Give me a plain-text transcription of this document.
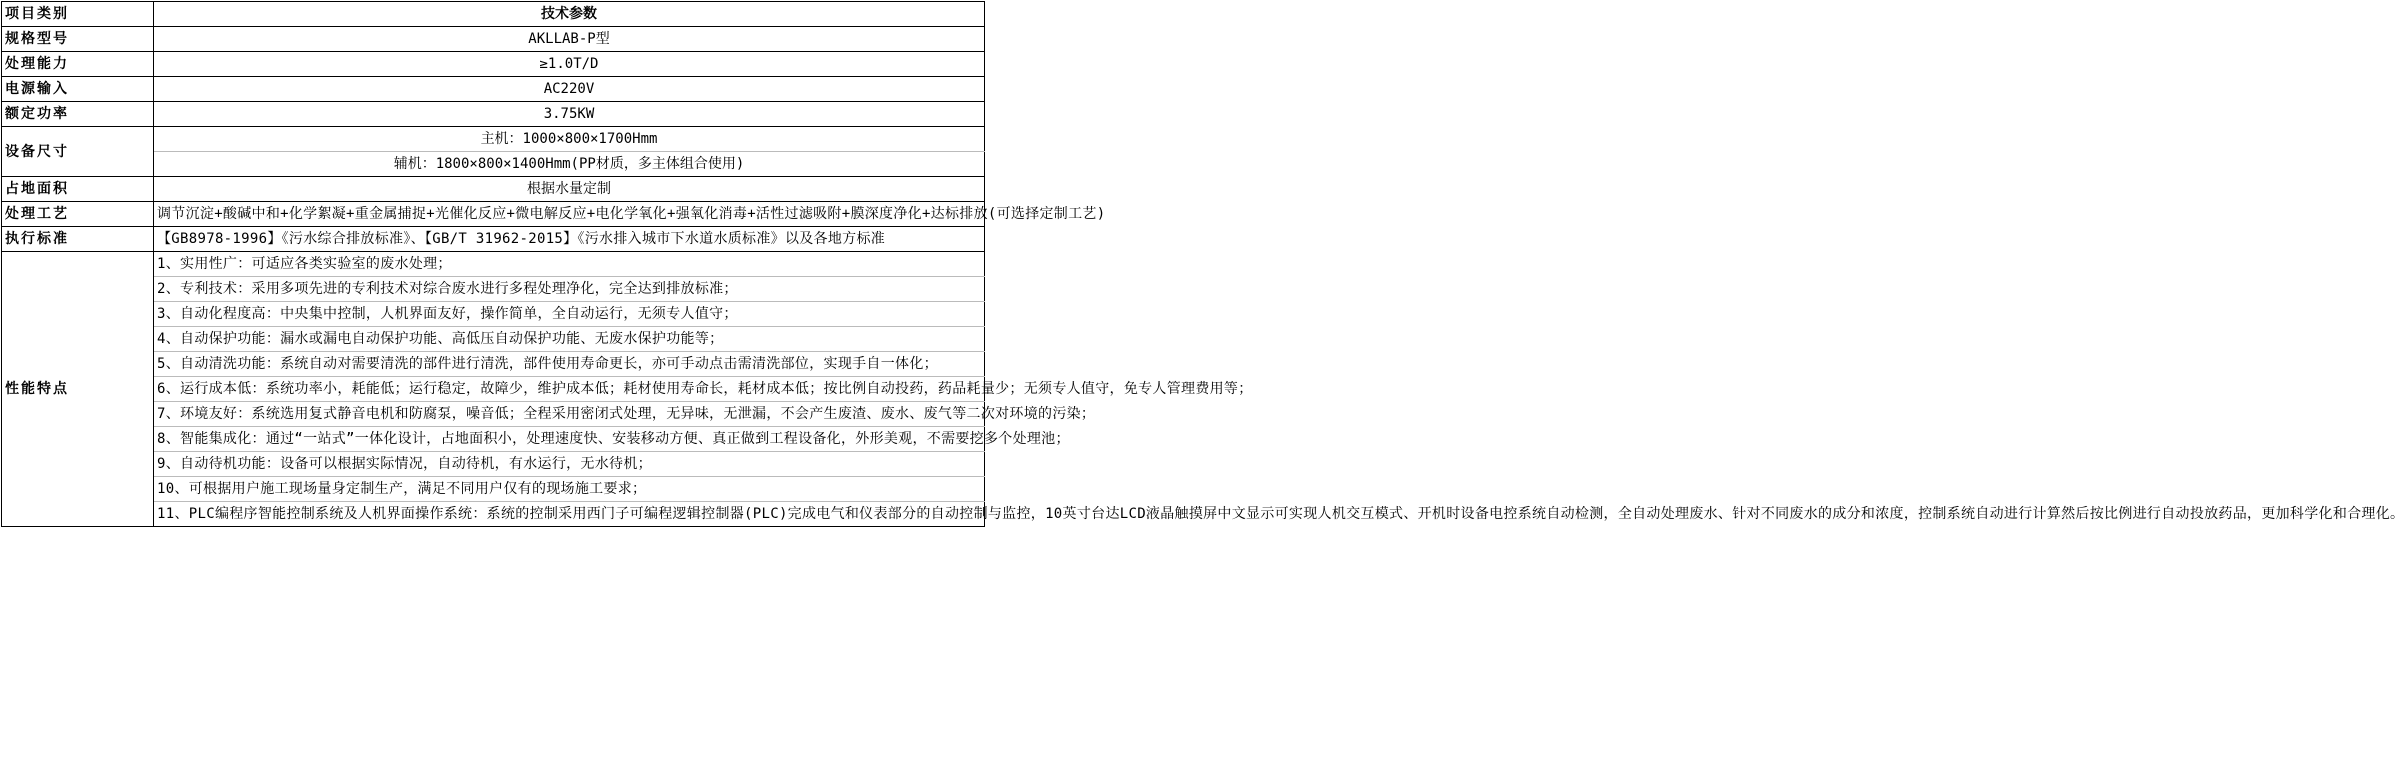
项目类别	技术参数
规格型号	AKLLAB-P型
处理能力	≥1.0T/D
电源输入	AC220V
额定功率	3.75KW
设备尺寸	主机：1000×800×1700Hmm
	辅机：1800×800×1400Hmm(PP材质，多主体组合使用)
占地面积	根据水量定制
处理工艺	调节沉淀+酸碱中和+化学絮凝+重金属捕捉+光催化反应+微电解反应+电化学氧化+强氧化消毒+活性过滤吸附+膜深度净化+达标排放(可选择定制工艺)
执行标准	【GB8978-1996】《污水综合排放标准》、【GB/T 31962-2015】《污水排入城市下水道水质标准》以及各地方标准
性能特点	1、实用性广：可适应各类实验室的废水处理；
	2、专利技术：采用多项先进的专利技术对综合废水进行多程处理净化，完全达到排放标准；
	3、自动化程度高：中央集中控制，人机界面友好，操作简单，全自动运行，无须专人值守；
	4、自动保护功能：漏水或漏电自动保护功能、高低压自动保护功能、无废水保护功能等；
	5、自动清洗功能：系统自动对需要清洗的部件进行清洗，部件使用寿命更长，亦可手动点击需清洗部位，实现手自一体化；
	6、运行成本低：系统功率小，耗能低；运行稳定，故障少，维护成本低；耗材使用寿命长，耗材成本低；按比例自动投药，药品耗量少；无须专人值守，免专人管理费用等；
	7、环境友好：系统选用复式静音电机和防腐泵，噪音低；全程采用密闭式处理，无异味，无泄漏，不会产生废渣、废水、废气等二次对环境的污染；
	8、智能集成化：通过“一站式”一体化设计，占地面积小，处理速度快、安装移动方便、真正做到工程设备化，外形美观，不需要挖多个处理池；
	9、自动待机功能：设备可以根据实际情况，自动待机，有水运行，无水待机；
	10、可根据用户施工现场量身定制生产，满足不同用户仅有的现场施工要求；
	11、PLC编程序智能控制系统及人机界面操作系统：系统的控制采用西门子可编程逻辑控制器(PLC)完成电气和仪表部分的自动控制与监控，10英寸台达LCD液晶触摸屏中文显示可实现人机交互模式、开机时设备电控系统自动检测，全自动处理废水、针对不同废水的成分和浓度，控制系统自动进行计算然后按比例进行自动投放药品，更加科学化和合理化。
